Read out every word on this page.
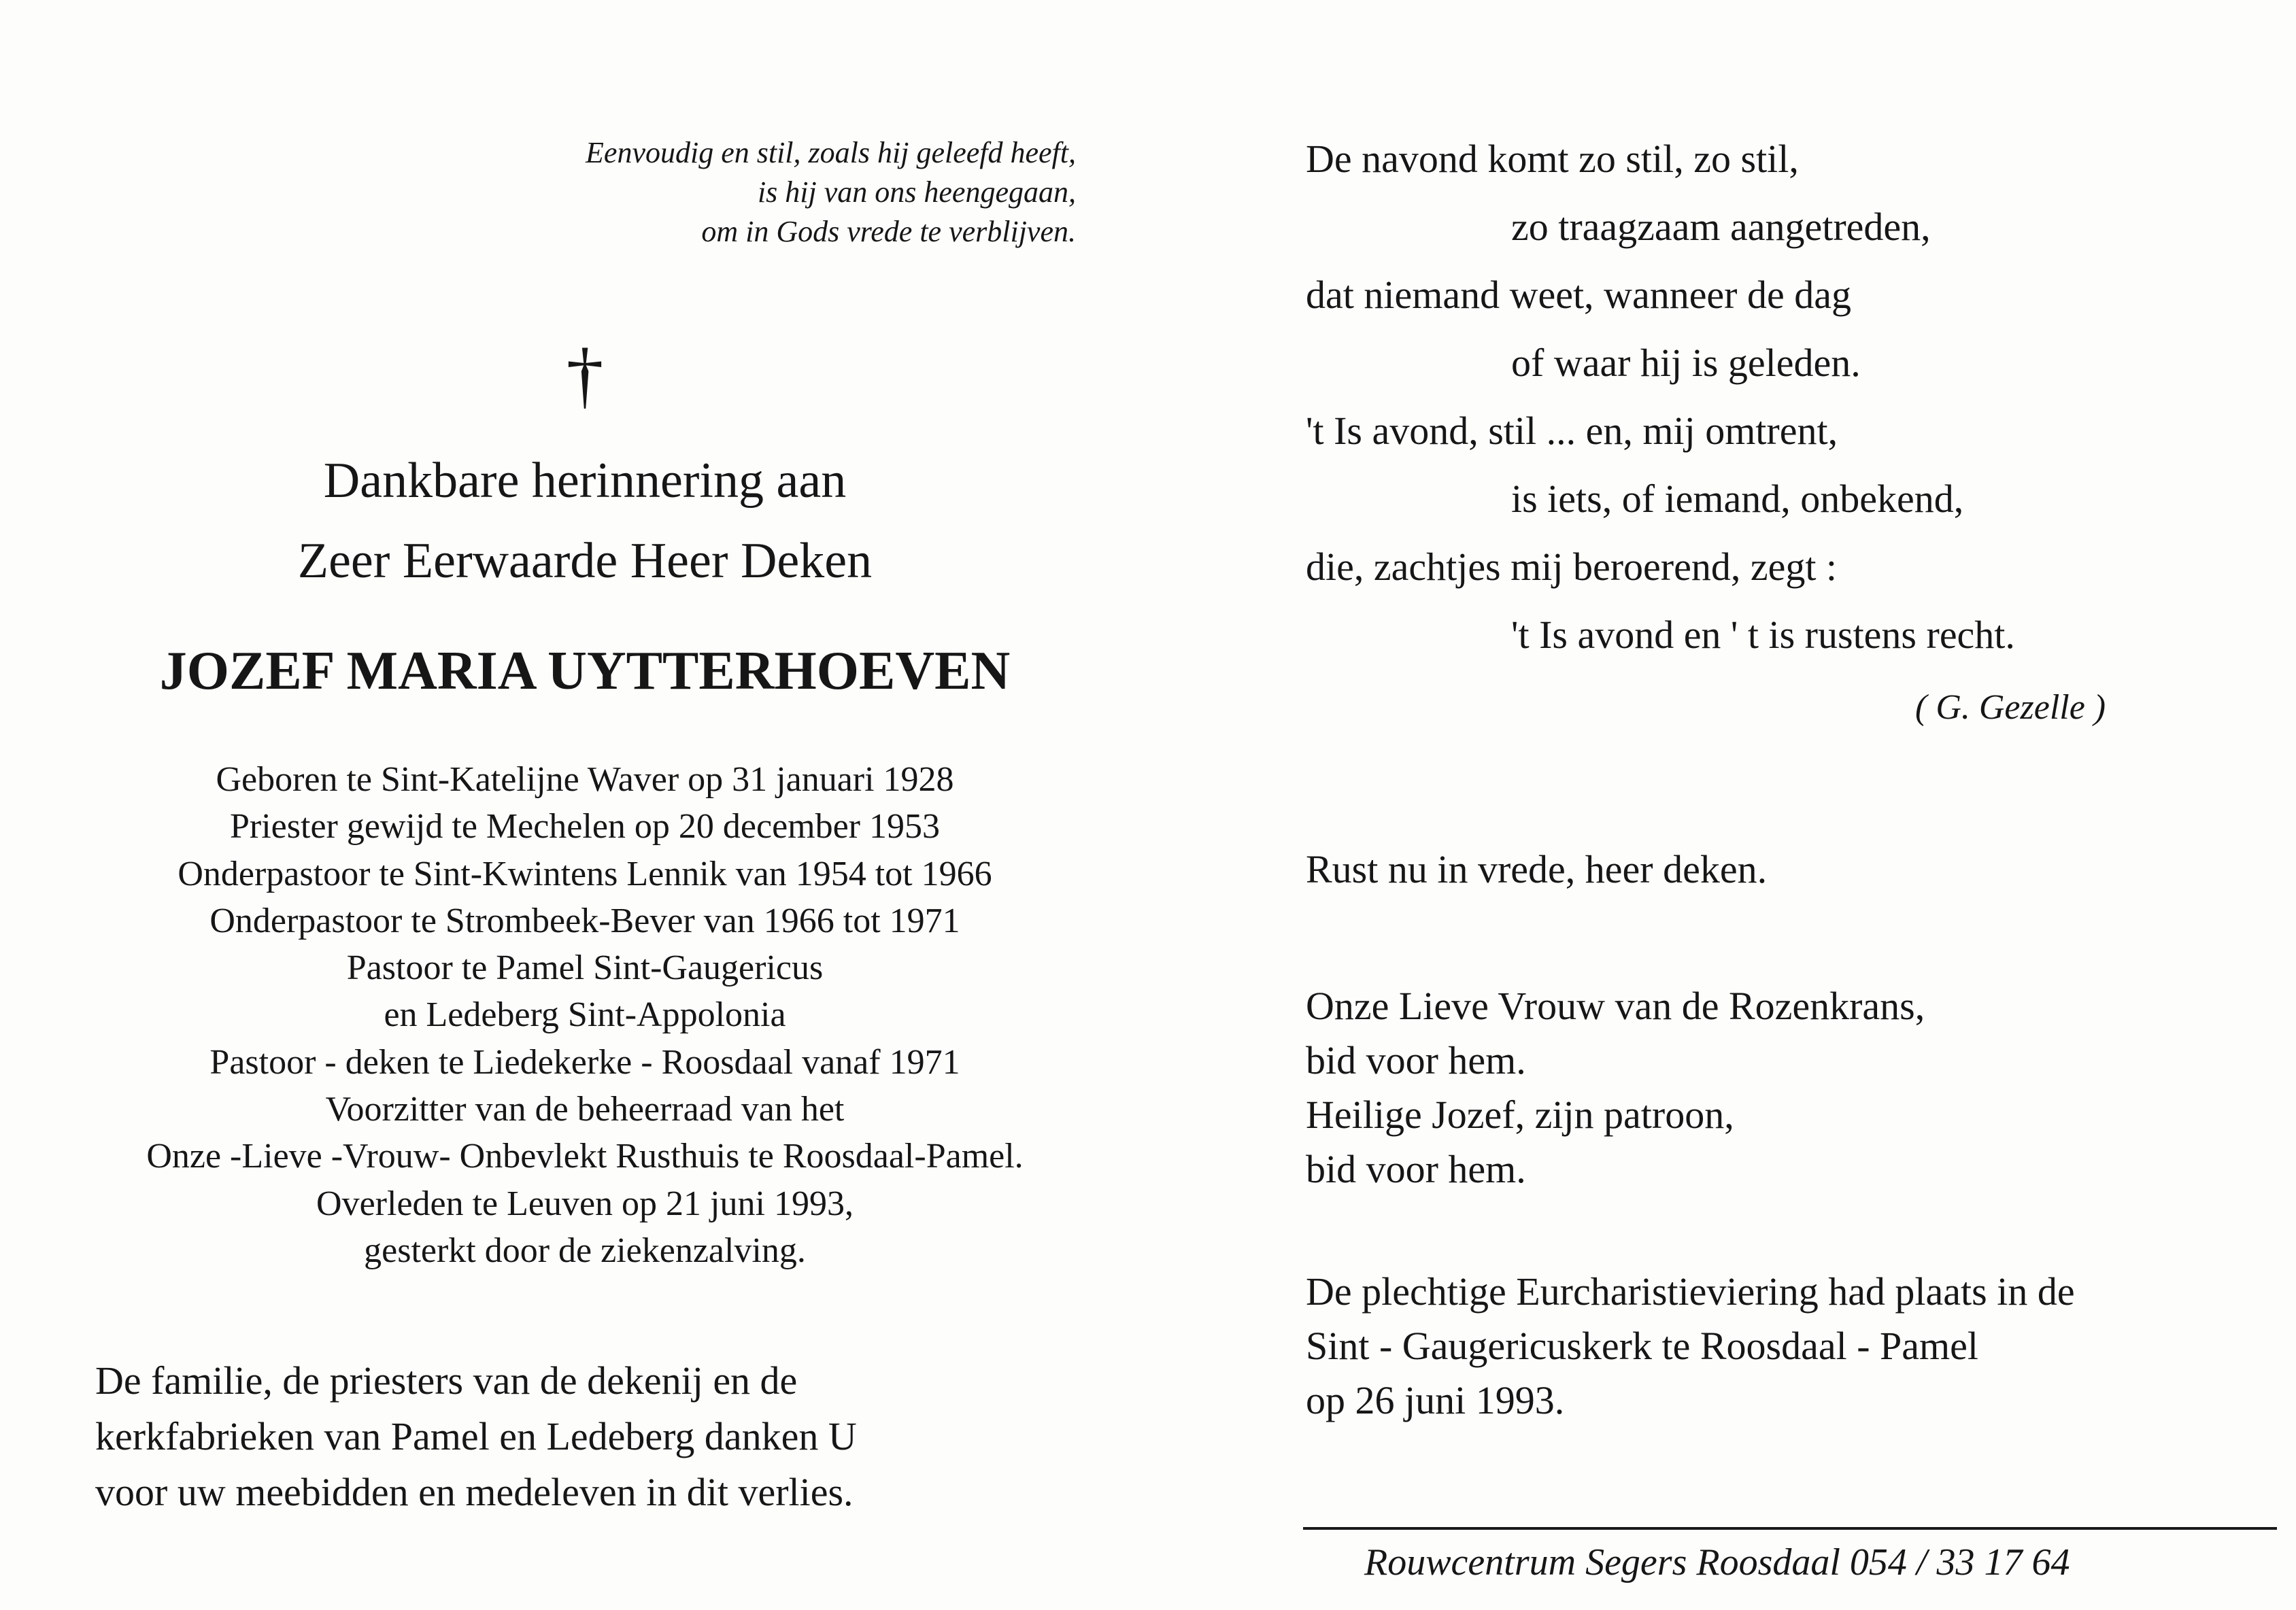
Eenvoudig en stil, zoals hij geleefd heeft,
is hij van ons heengegaan,
om in Gods vrede te verblijven.
†
Dankbare herinnering aan
Zeer Eerwaarde Heer Deken
JOZEF MARIA UYTTERHOEVEN
Geboren te Sint-Katelijne Waver op 31 januari 1928
Priester gewijd te Mechelen op 20 december 1953
Onderpastoor te Sint-Kwintens Lennik van 1954 tot 1966
Onderpastoor te Strombeek-Bever van 1966 tot 1971
Pastoor te Pamel Sint-Gaugericus
en Ledeberg Sint-Appolonia
Pastoor - deken te Liedekerke - Roosdaal vanaf 1971
Voorzitter van de beheerraad van het
Onze -Lieve -Vrouw- Onbevlekt Rusthuis te Roosdaal-Pamel.
Overleden te Leuven op 21 juni 1993,
gesterkt door de ziekenzalving.
De familie, de priesters van de dekenij en de
kerkfabrieken van Pamel en Ledeberg danken U
voor uw meebidden en medeleven in dit verlies.
De navond komt zo stil, zo stil,
zo traagzaam aangetreden,
dat niemand weet, wanneer de dag
of waar hij is geleden.
't Is avond, stil ... en, mij omtrent,
is iets, of iemand, onbekend,
die, zachtjes mij beroerend, zegt :
't Is avond en ' t is rustens recht.
( G. Gezelle )
Rust nu in vrede, heer deken.
Onze Lieve Vrouw van de Rozenkrans,
bid voor hem.
Heilige Jozef, zijn patroon,
bid voor hem.
De plechtige Eurcharistieviering had plaats in de
Sint - Gaugericuskerk te Roosdaal - Pamel
op 26 juni 1993.
Rouwcentrum Segers Roosdaal 054 / 33 17 64
